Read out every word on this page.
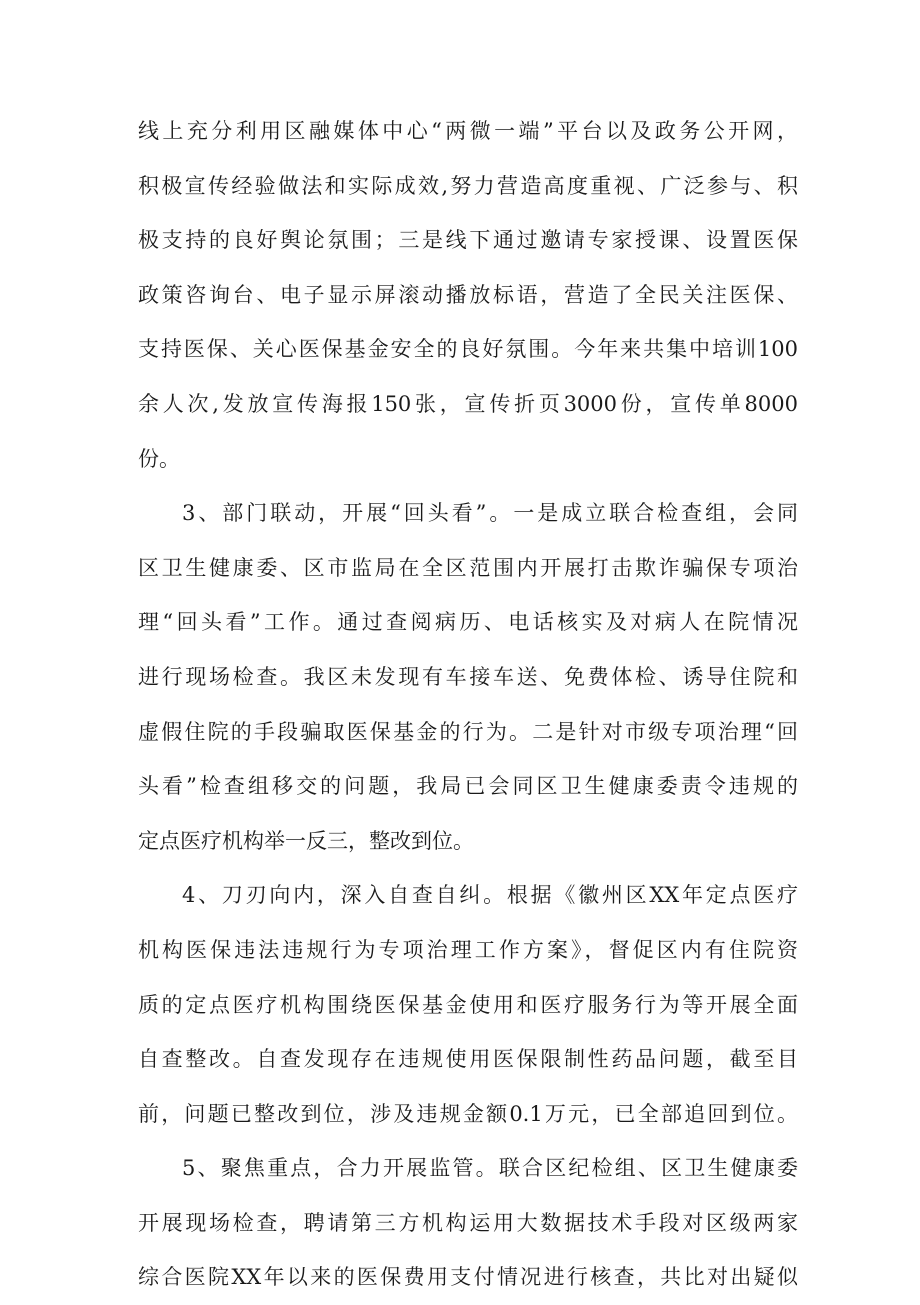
线上充分利用区融媒体中心“两微一端”平台以及政务公开网，
积极宣传经验做法和实际成效,努力营造高度重视、广泛参与、积
极支持的良好舆论氛围；三是线下通过邀请专家授课、设置医保
政策咨询台、电子显示屏滚动播放标语，营造了全民关注医保、
支持医保、关心医保基金安全的良好氛围。今年来共集中培训100
余人次,发放宣传海报150张，宣传折页3000份，宣传单8000
份。
3、部门联动，开展“回头看”。一是成立联合检查组，会同
区卫生健康委、区市监局在全区范围内开展打击欺诈骗保专项治
理“回头看”工作。通过查阅病历、电话核实及对病人在院情况
进行现场检查。我区未发现有车接车送、免费体检、诱导住院和
虚假住院的手段骗取医保基金的行为。二是针对市级专项治理“回
头看”检查组移交的问题，我局已会同区卫生健康委责令违规的
定点医疗机构举一反三，整改到位。
4、刀刃向内，深入自查自纠。根据《徽州区XX年定点医疗
机构医保违法违规行为专项治理工作方案》，督促区内有住院资
质的定点医疗机构围绕医保基金使用和医疗服务行为等开展全面
自查整改。自查发现存在违规使用医保限制性药品问题，截至目
前，问题已整改到位，涉及违规金额0.1万元，已全部追回到位。
5、聚焦重点，合力开展监管。联合区纪检组、区卫生健康委
开展现场检查，聘请第三方机构运用大数据技术手段对区级两家
综合医院XX年以来的医保费用支付情况进行核查，共比对出疑似
